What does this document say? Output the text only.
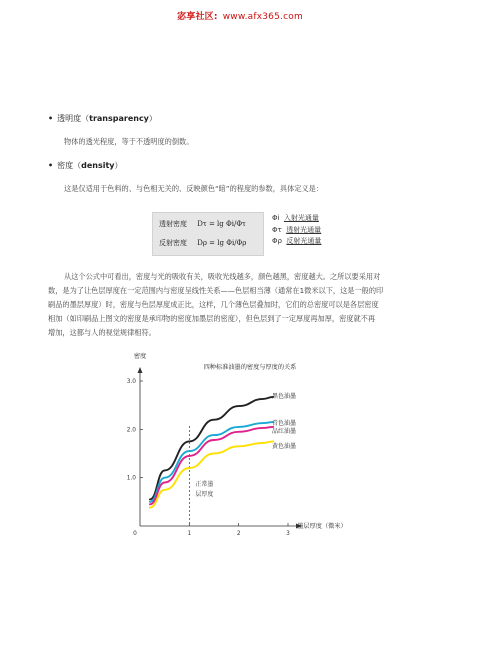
宓享社区: www.afx365.com
• 透明度（transparency）
物体的透光程度，等于不透明度的倒数。
• 密度（density）
这是仅适用于色料的、与色相无关的、反映颜色“暗”的程度的参数，具体定义是：
透射密度 Dτ = lg Φi/Φτ
反射密度 Dρ = lg Φi/Φρ
Φi 入射光通量
Φτ 透射光通量
Φρ 反射光通量
从这个公式中可看出，密度与光的吸收有关，吸收光线越多，颜色越黑，密度越大。之所以要采用对
数，是为了让色层厚度在一定范围内与密度呈线性关系——色层相当薄（通常在1微米以下，这是一般的印
刷品的墨层厚度）时，密度与色层厚度成正比，这样，几个薄色层叠加时，它们的总密度可以是各层密度
相加（如印刷品上图文的密度是承印物的密度加墨层的密度），但色层到了一定厚度再加厚，密度就不再
增加，这都与人的视觉规律相符。
四种标准油墨的密度与厚度的关系
密度
墨层厚度（微米）
1.0
2.0
3.0
0	1	2	3
正常墨
层厚度
黑色油墨
青色油墨
品红油墨
黄色油墨
